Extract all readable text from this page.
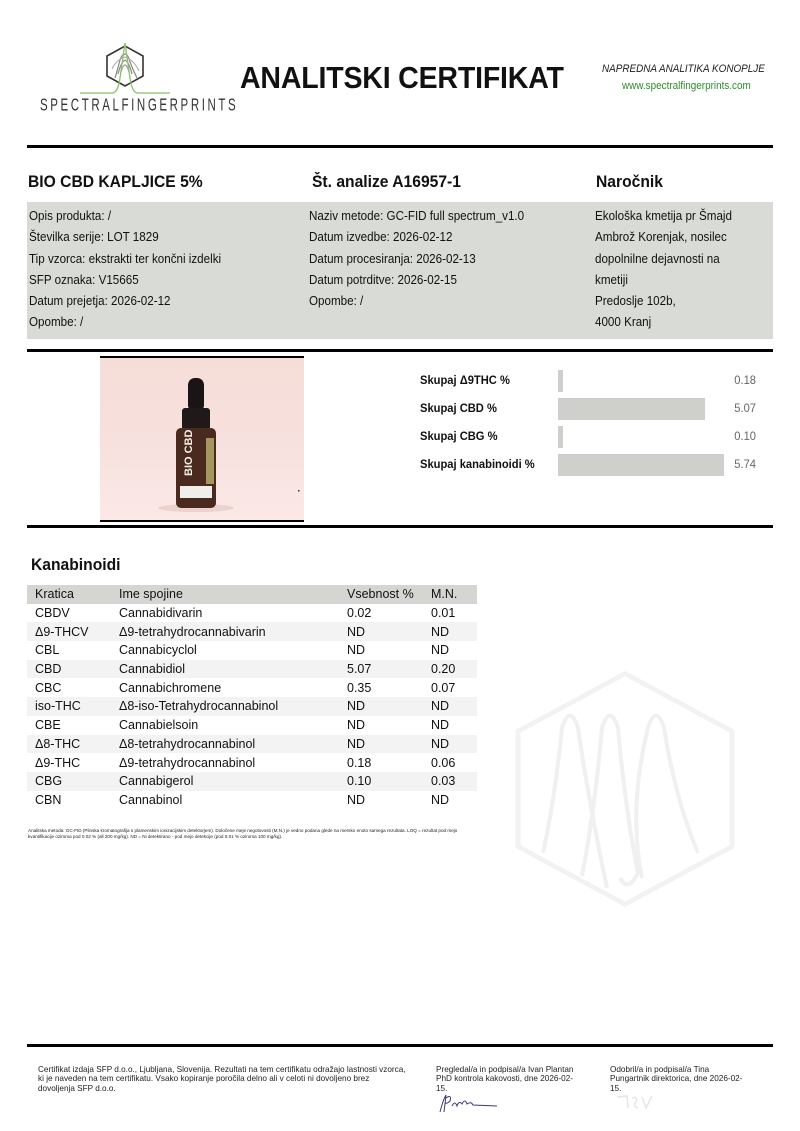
SPECTRALFINGERPRINTS
ANALITSKI CERTIFIKAT	NAPREDNA ANALITIKA KONOPLJE
www.spectralfingerprints.com
BIO CBD KAPLJICE 5%	Št. analize A16957-1	Naročnik
Opis produkta: /
Številka serije: LOT 1829
Tip vzorca: ekstrakti ter končni izdelki
SFP oznaka: V15665
Datum prejetja: 2026-02-12
Opombe: /
Naziv metode: GC-FID full spectrum_v1.0
Datum izvedbe: 2026-02-12
Datum procesiranja: 2026-02-13
Datum potrditve: 2026-02-15
Opombe: /
Ekološka kmetija pr Šmajd
Ambrož Korenjak, nosilec
dopolnilne dejavnosti na
kmetiji
Predoslje 102b,
4000 Kranj
BIO CBD
Skupaj Δ9THC %	0.18
Skupaj CBD %	5.07
Skupaj CBG %	0.10
Skupaj kanabinoidi %	5.74
Kanabinoidi
Kratica	Ime spojine	Vsebnost %	M.N.
CBDV	Cannabidivarin	0.02	0.01
Δ9-THCV	Δ9-tetrahydrocannabivarin	ND	ND
CBL	Cannabicyclol	ND	ND
CBD	Cannabidiol	5.07	0.20
CBC	Cannabichromene	0.35	0.07
iso-THC	Δ8-iso-Tetrahydrocannabinol	ND	ND
CBE	Cannabielsoin	ND	ND
Δ8-THC	Δ8-tetrahydrocannabinol	ND	ND
Δ9-THC	Δ9-tetrahydrocannabinol	0.18	0.06
CBG	Cannabigerol	0.10	0.03
CBN	Cannabinol	ND	ND
Analitska metoda: GC-FID (Plinska kromatografija s plamenskim ionizacijskim detektorjem). Določene meje negotovosti (M.N.) je vedno podana glede na mersko enoto samega rezultata. LOQ = rezultat pod mejo kvantifikacije oziroma pod 0.02 % (all 200 mg/kg). ND = Ni detektirano - pod mejo detekcije (pod 0.01 % oziroma 100 mg/kg).
Certifikat izdaja SFP d.o.o., Ljubljana, Slovenija. Rezultati na tem certifikatu odražajo lastnosti vzorca, ki je naveden na tem certifikatu. Vsako kopiranje poročila delno ali v celoti ni dovoljeno brez dovoljenja SFP d.o.o.
Pregledal/a in podpisal/a Ivan Plantan PhD kontrola kakovosti, dne 2026-02-15.
Odobril/a in podpisal/a Tina Pungartnik direktorica, dne 2026-02-15.
